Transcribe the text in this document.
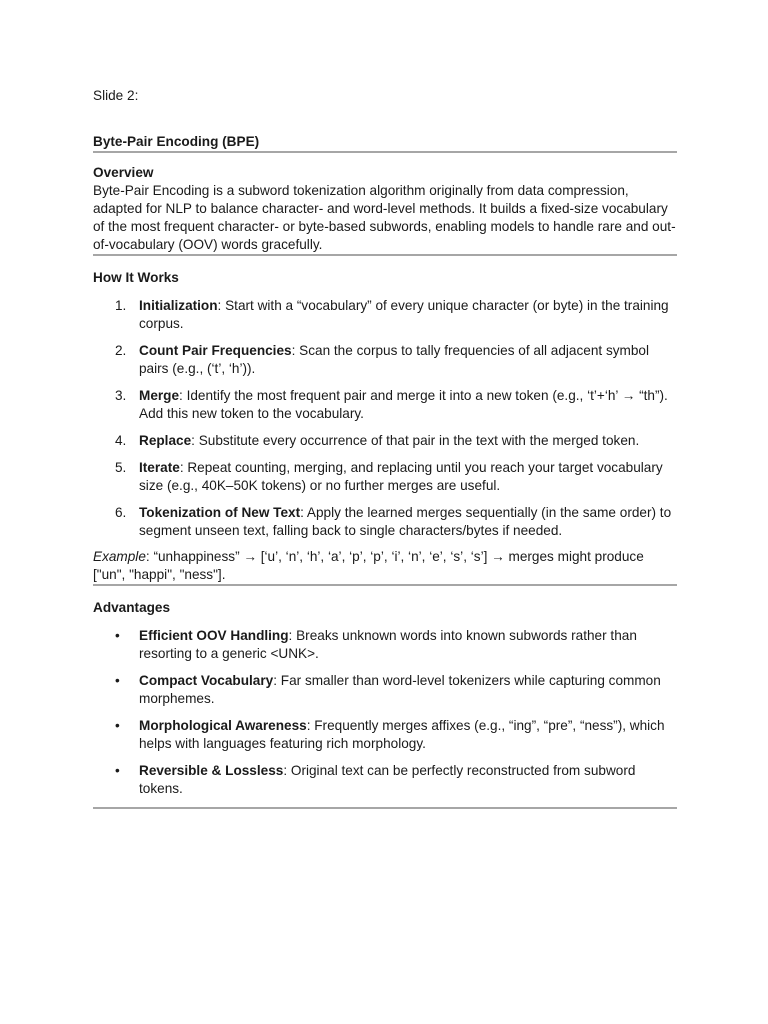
Slide 2:

Byte-Pair Encoding (BPE)

Overview

Byte-Pair Encoding is a subword tokenization algorithm originally from data compression, adapted for NLP to balance character- and word-level methods. It builds a fixed-size vocabulary of the most frequent character- or byte-based subwords, enabling models to handle rare and out-of-vocabulary (OOV) words gracefully.

How It Works

1. Initialization: Start with a “vocabulary” of every unique character (or byte) in the training corpus.
2. Count Pair Frequencies: Scan the corpus to tally frequencies of all adjacent symbol pairs (e.g., (‘t’, ‘h’)).
3. Merge: Identify the most frequent pair and merge it into a new token (e.g., ‘t’+‘h’ → “th”). Add this new token to the vocabulary.
4. Replace: Substitute every occurrence of that pair in the text with the merged token.
5. Iterate: Repeat counting, merging, and replacing until you reach your target vocabulary size (e.g., 40K–50K tokens) or no further merges are useful.
6. Tokenization of New Text: Apply the learned merges sequentially (in the same order) to segment unseen text, falling back to single characters/bytes if needed.

Example: “unhappiness” → [‘u’, ‘n’, ‘h’, ‘a’, ‘p’, ‘p’, ‘i’, ‘n’, ‘e’, ‘s’, ‘s’] → merges might produce ["un", "happi", "ness"].

Advantages

• Efficient OOV Handling: Breaks unknown words into known subwords rather than resorting to a generic <UNK>.
• Compact Vocabulary: Far smaller than word-level tokenizers while capturing common morphemes.
• Morphological Awareness: Frequently merges affixes (e.g., “ing”, “pre”, “ness”), which helps with languages featuring rich morphology.
• Reversible & Lossless: Original text can be perfectly reconstructed from subword tokens.
